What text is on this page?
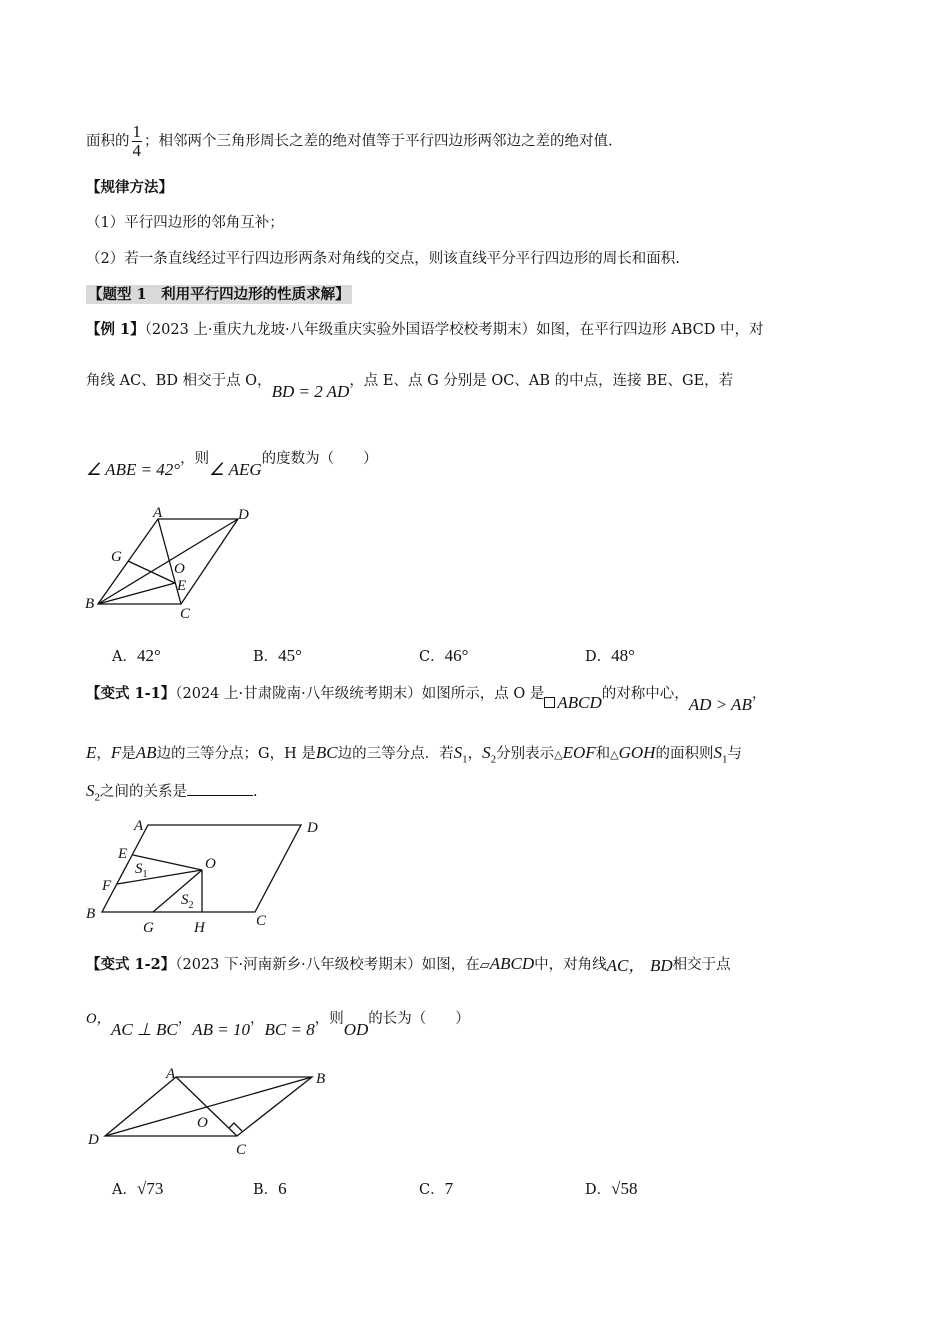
面积的 $\frac{1}{4}$ ；相邻两个三角形周长之差的绝对值等于平行四边形两邻边之差的绝对值.
【规律方法】
（1）平行四边形的邻角互补；
（2）若一条直线经过平行四边形两条对角线的交点，则该直线平分平行四边形的周长和面积.
【题型 1　利用平行四边形的性质求解】
【例 1】（2023 上·重庆九龙坡·八年级重庆实验外国语学校校考期末）如图，在平行四边形 ABCD 中，对
角线 AC、BD 相交于点 O，BD = 2 AD，点 E、点 G 分别是 OC、AB 的中点，连接 BE、GE，若
∠ ABE = 42°，则∠ AEG的度数为（　　）
A	D
G
O
E
B
C
A．42°	B．45°	C．46°	D．48°
【变式 1-1】（2024 上·甘肃陇南·八年级统考期末）如图所示，点 O 是 ABCD的对称中心，AD > AB，
E，F是AB边的三等分点；G，H 是BC边的三等分点．若$S_1$，$S_2$分别表示△EOF和△GOH的面积则$S_1$与
$S_2$之间的关系是	.
A	D
E
$S_1$
O
F
$S_2$
B
G	H	C
【变式 1-2】（2023 下·河南新乡·八年级校考期末）如图，在▱ABCD中，对角线AC， BD相交于点
O，AC ⊥ BC，AB = 10，BC = 8，则OD的长为（　　）
A	B
O
D
C
A．√73	B．6	C．7	D．√58
